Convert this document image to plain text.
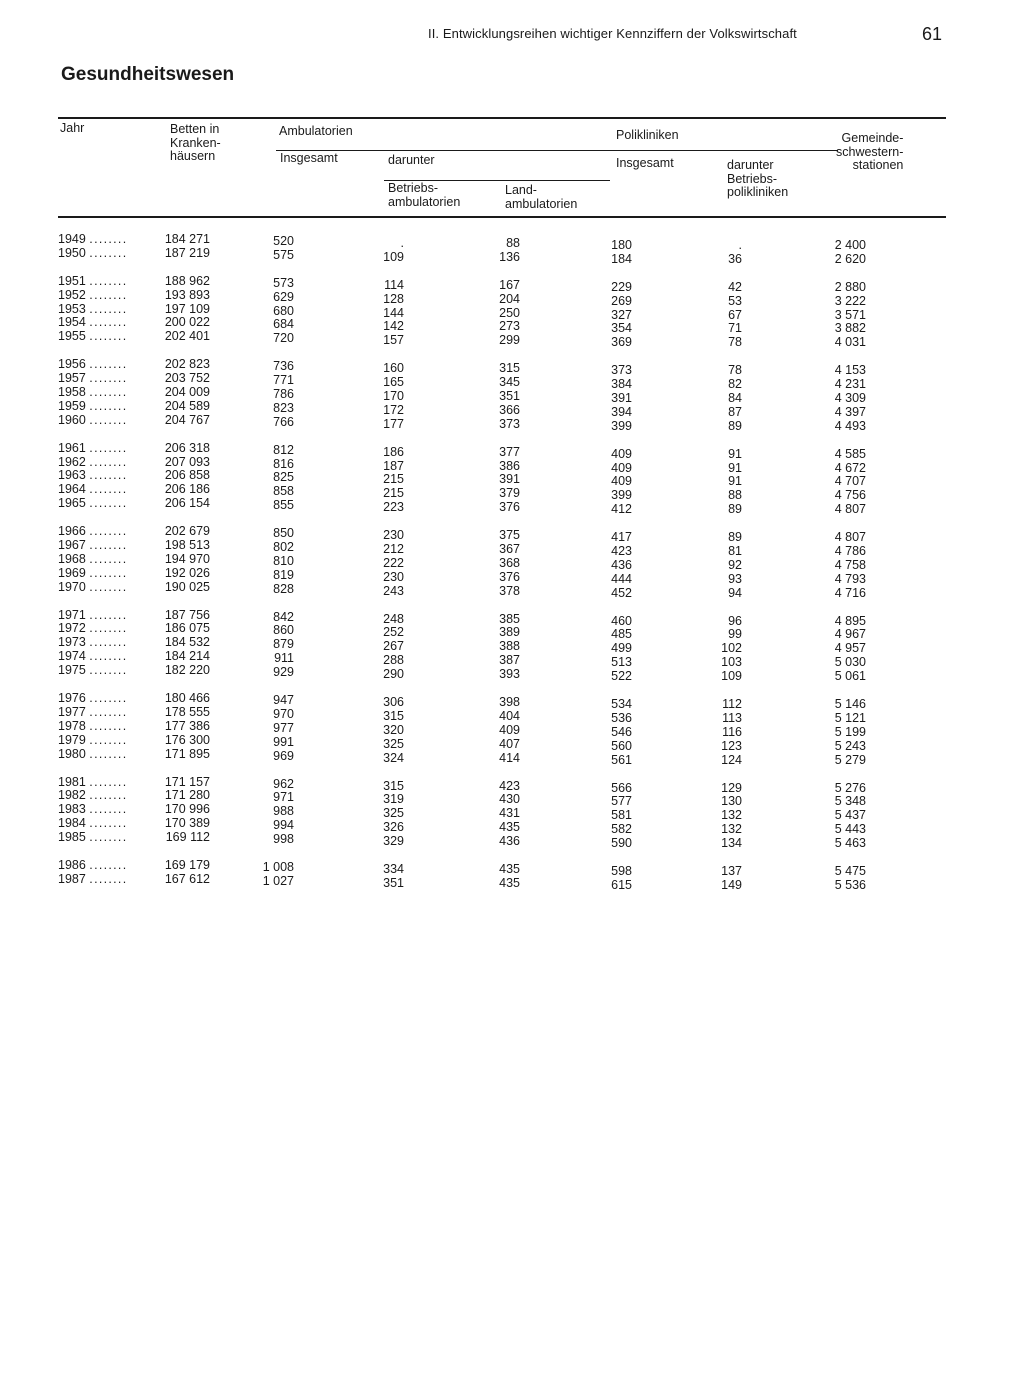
II. Entwicklungsreihen wichtiger Kennziffern der Volkswirtschaft	61
Gesundheitswesen
Jahr	Betten in
Kranken-
häusern
Ambulatorien
Insgesamt	darunter
Betriebs-
ambulatorien
Land-
ambulatorien
Polikliniken
Insgesamt	darunter
Betriebs-
polikliniken
Gemeinde-
schwestern-
stationen
1949 ........	184 271	520	.	88	180	.	2 400
1950 ........	187 219	575	109	136	184	36	2 620
1951 ........	188 962	573	114	167	229	42	2 880
1952 ........	193 893	629	128	204	269	53	3 222
1953 ........	197 109	680	144	250	327	67	3 571
1954 ........	200 022	684	142	273	354	71	3 882
1955 ........	202 401	720	157	299	369	78	4 031
1956 ........	202 823	736	160	315	373	78	4 153
1957 ........	203 752	771	165	345	384	82	4 231
1958 ........	204 009	786	170	351	391	84	4 309
1959 ........	204 589	823	172	366	394	87	4 397
1960 ........	204 767	766	177	373	399	89	4 493
1961 ........	206 318	812	186	377	409	91	4 585
1962 ........	207 093	816	187	386	409	91	4 672
1963 ........	206 858	825	215	391	409	91	4 707
1964 ........	206 186	858	215	379	399	88	4 756
1965 ........	206 154	855	223	376	412	89	4 807
1966 ........	202 679	850	230	375	417	89	4 807
1967 ........	198 513	802	212	367	423	81	4 786
1968 ........	194 970	810	222	368	436	92	4 758
1969 ........	192 026	819	230	376	444	93	4 793
1970 ........	190 025	828	243	378	452	94	4 716
1971 ........	187 756	842	248	385	460	96	4 895
1972 ........	186 075	860	252	389	485	99	4 967
1973 ........	184 532	879	267	388	499	102	4 957
1974 ........	184 214	911	288	387	513	103	5 030
1975 ........	182 220	929	290	393	522	109	5 061
1976 ........	180 466	947	306	398	534	112	5 146
1977 ........	178 555	970	315	404	536	113	5 121
1978 ........	177 386	977	320	409	546	116	5 199
1979 ........	176 300	991	325	407	560	123	5 243
1980 ........	171 895	969	324	414	561	124	5 279
1981 ........	171 157	962	315	423	566	129	5 276
1982 ........	171 280	971	319	430	577	130	5 348
1983 ........	170 996	988	325	431	581	132	5 437
1984 ........	170 389	994	326	435	582	132	5 443
1985 ........	169 112	998	329	436	590	134	5 463
1986 ........	169 179	1 008	334	435	598	137	5 475
1987 ........	167 612	1 027	351	435	615	149	5 536
